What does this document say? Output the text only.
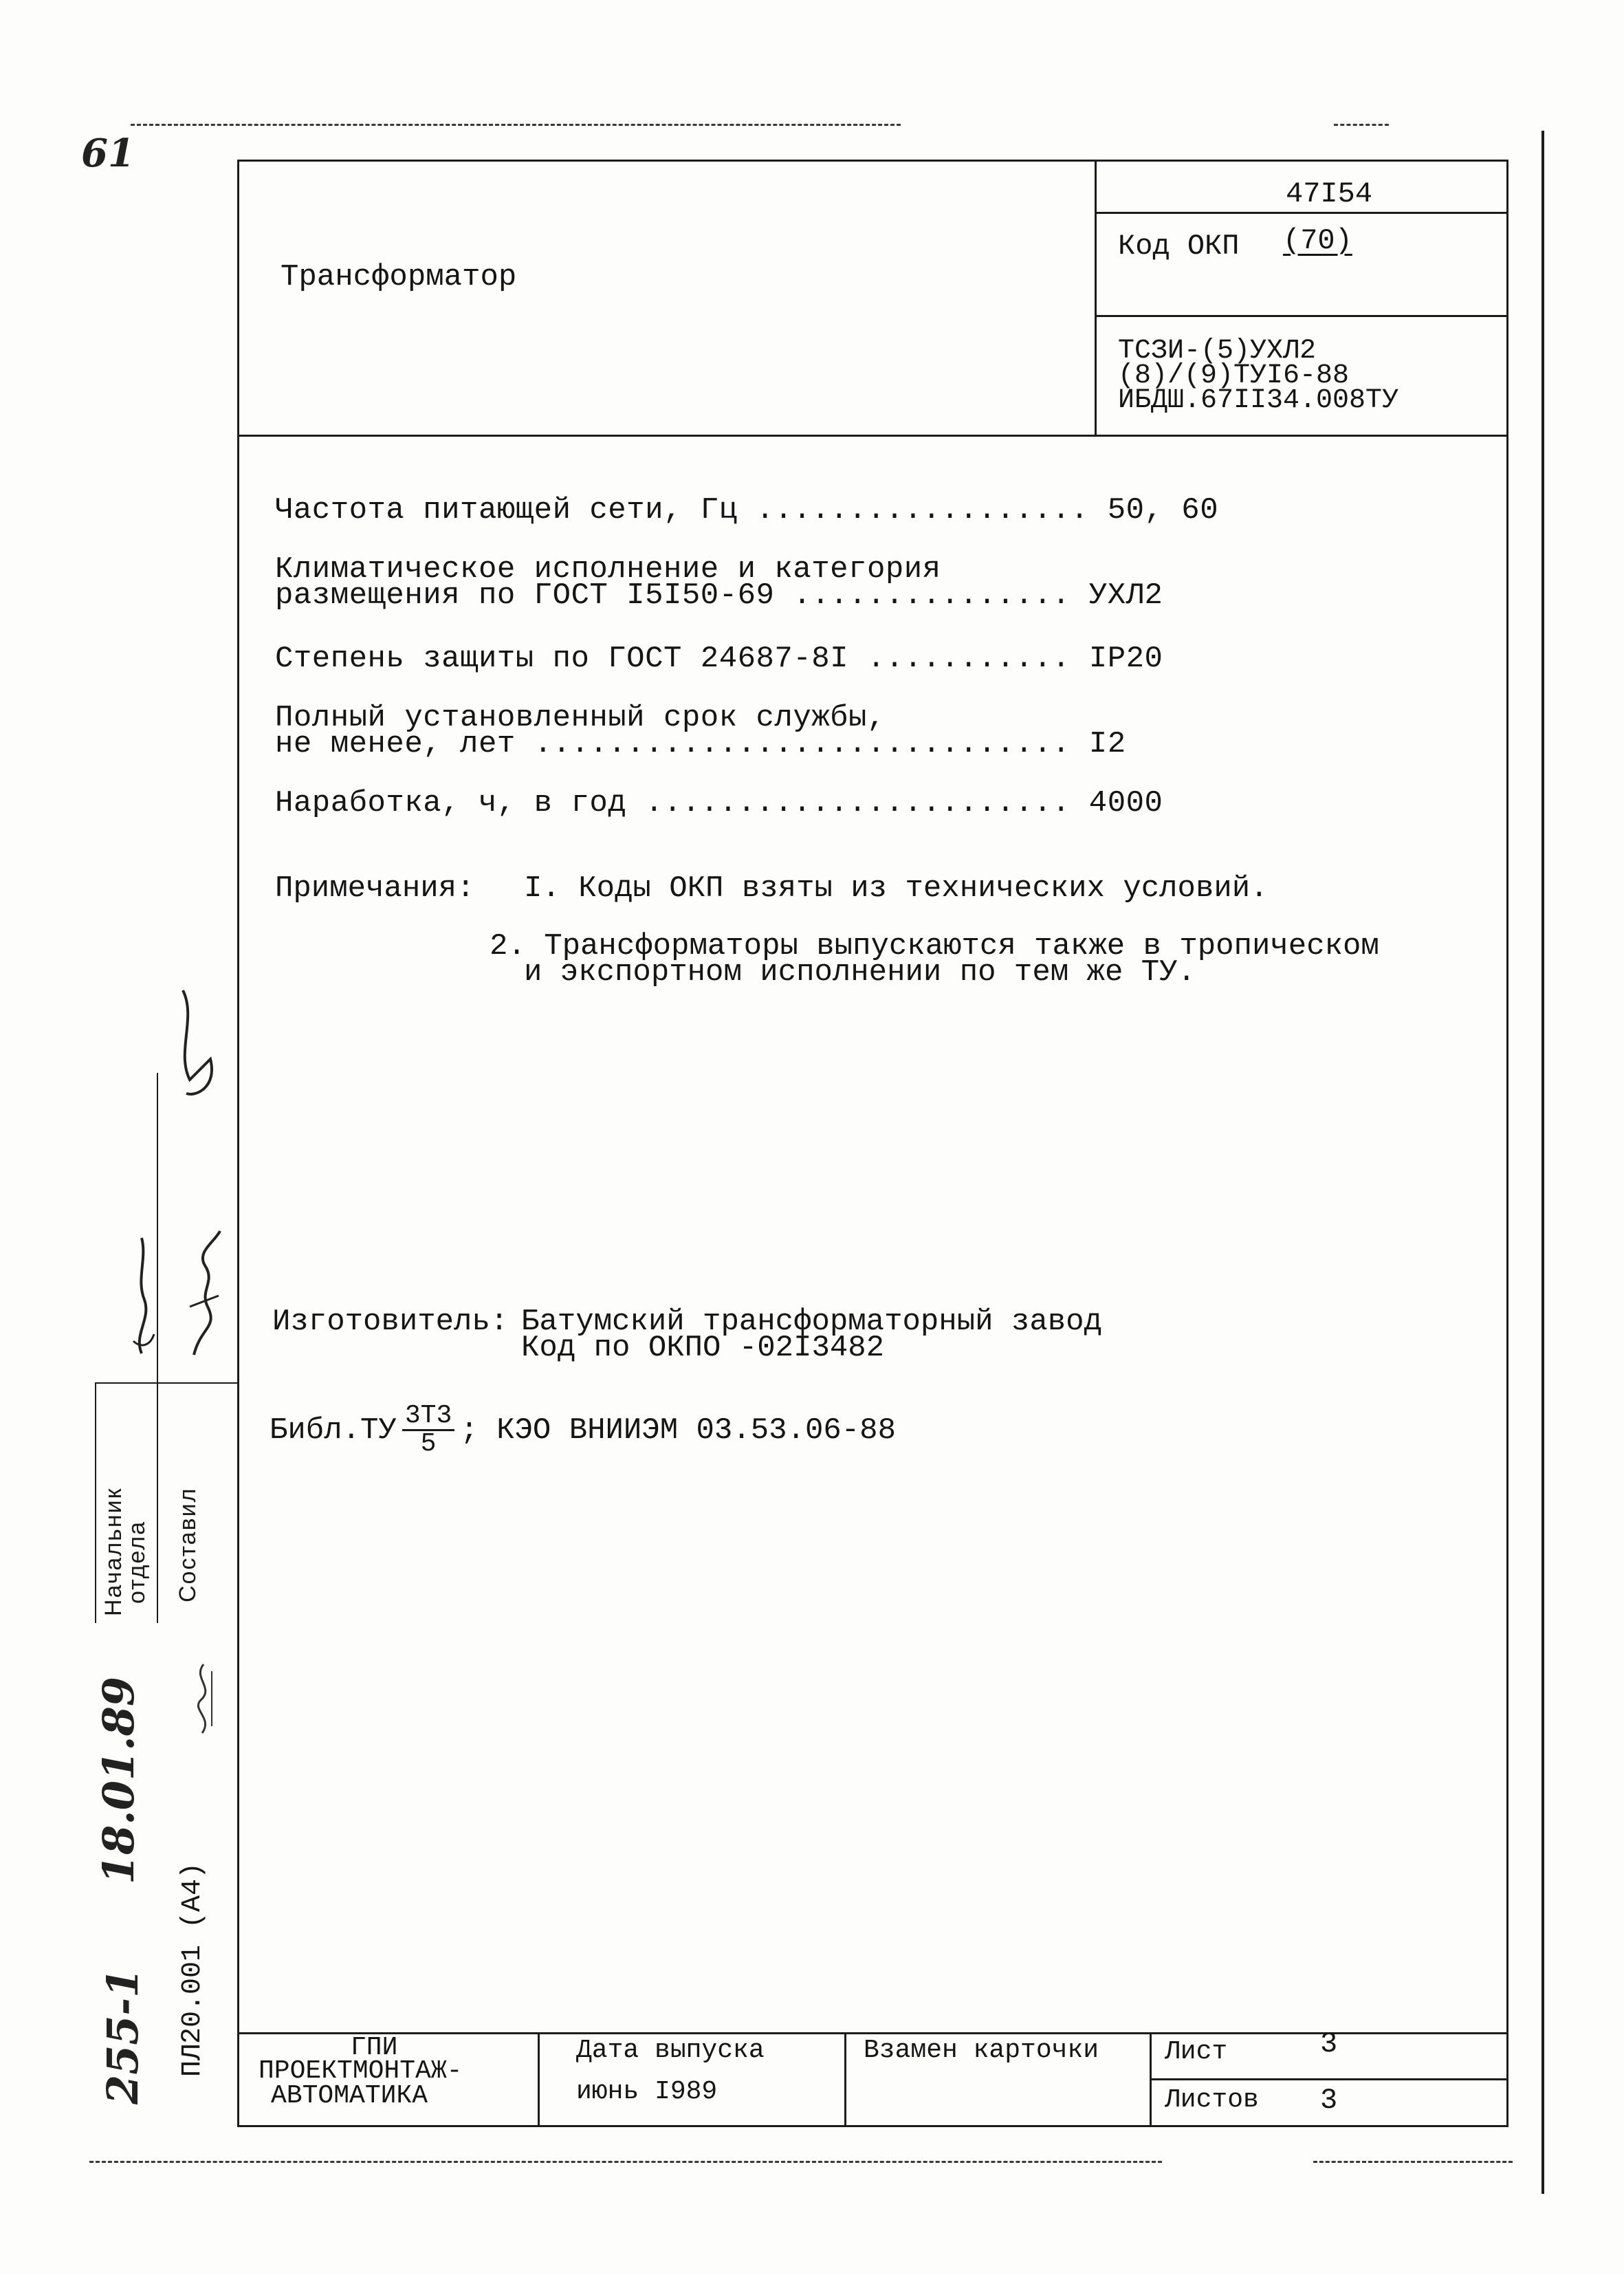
61
Трансформатор
47I54
Код ОКП (70)
ТСЗИ-(5)УХЛ2
(8)/(9)ТУI6-88
ИБДШ.67II34.008ТУ
Частота питающей сети, Гц .................. 50, 60
Климатическое исполнение и категория
размещения по ГОСТ I5I50-69 ............... УХЛ2
Степень защиты по ГОСТ 24687-8I ........... IP20
Полный установленный срок службы,
не менее, лет ............................. I2
Наработка, ч, в год ....................... 4000
Примечания: I. Коды ОКП взяты из технических условий.
2. Трансформаторы выпускаются также в тропическом
и экспортном исполнении по тем же ТУ.
Изготовитель: Батумский трансформаторный завод
Код по ОКПО -02I3482
Библ.ТУ $\frac{3Т3}{5}$ ; КЭО ВНИИЭМ 03.53.06-88
ГПИ
ПРОЕКТМОНТАЖ-
АВТОМАТИКА
Дата выпуска
июнь I989
Взамен карточки	Лист	3
Листов 3
Начальник
отдела Составил
18.01.89
ПЛ20.001 (А4)
255-1
